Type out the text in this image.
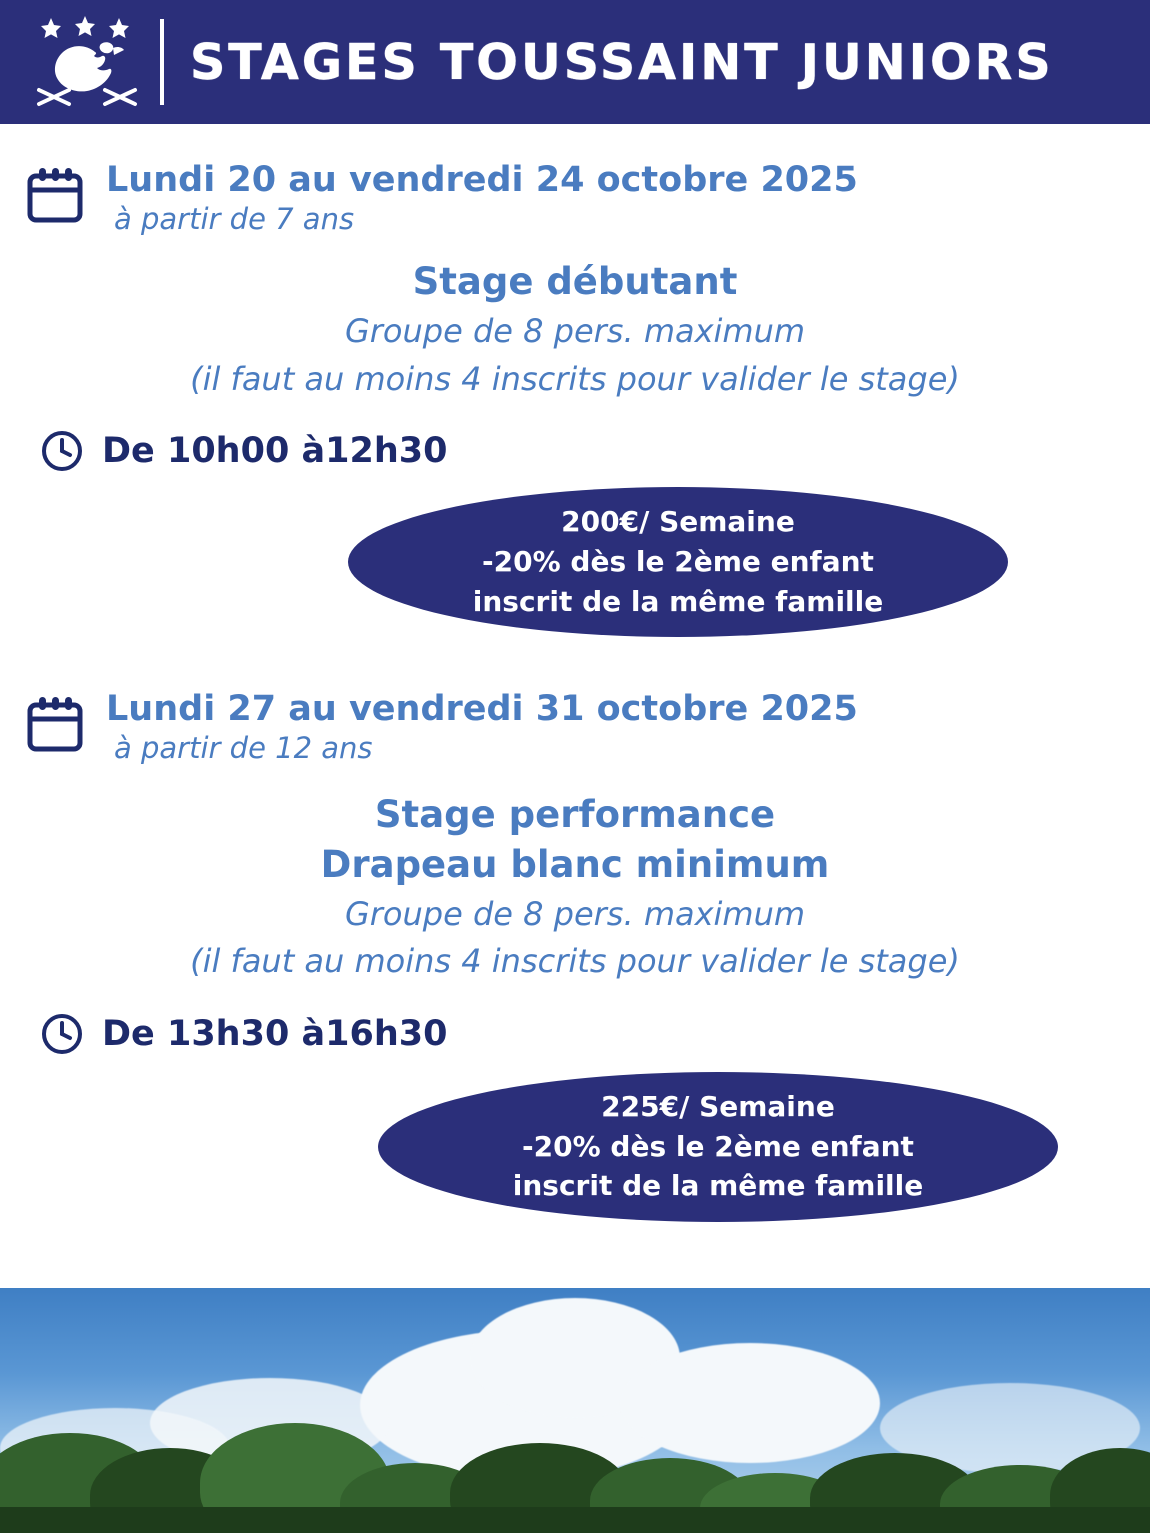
STAGES TOUSSAINT JUNIORS
Lundi 20 au vendredi 24 octobre 2025
à partir de 7 ans
Stage débutant
Groupe de 8 pers. maximum
(il faut au moins 4 inscrits pour valider le stage)
De 10h00 à12h30
200€/ Semaine
-20% dès le 2ème enfant
inscrit de la même famille
Lundi 27 au vendredi 31 octobre 2025
à partir de 12 ans
Stage performance
Drapeau blanc minimum
Groupe de 8 pers. maximum
(il faut au moins 4 inscrits pour valider le stage)
De 13h30 à16h30
225€/ Semaine
-20% dès le 2ème enfant
inscrit de la même famille
